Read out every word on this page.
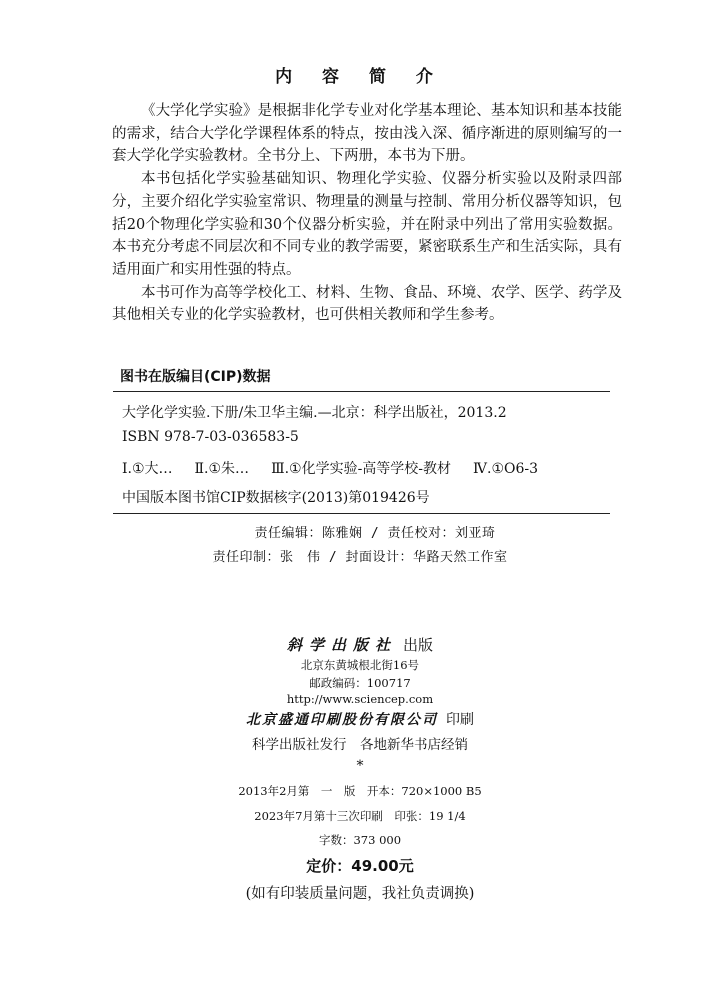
内 容 简 介

《大学化学实验》是根据非化学专业对化学基本理论、基本知识和基本技能的需求，结合大学化学课程体系的特点，按由浅入深、循序渐进的原则编写的一套大学化学实验教材。全书分上、下两册，本书为下册。

本书包括化学实验基础知识、物理化学实验、仪器分析实验以及附录四部分，主要介绍化学实验室常识、物理量的测量与控制、常用分析仪器等知识，包括20个物理化学实验和30个仪器分析实验，并在附录中列出了常用实验数据。本书充分考虑不同层次和不同专业的教学需要，紧密联系生产和生活实际，具有适用面广和实用性强的特点。

本书可作为高等学校化工、材料、生物、食品、环境、农学、医学、药学及其他相关专业的化学实验教材，也可供相关教师和学生参考。

图书在版编目(CIP)数据
大学化学实验.下册/朱卫华主编.—北京：科学出版社，2013.2
ISBN 978-7-03-036583-5
Ⅰ.①大… Ⅱ.①朱… Ⅲ.①化学实验-高等学校-教材 Ⅳ.①O6-3
中国版本图书馆CIP数据核字(2013)第019426号
责任编辑：陈雅娴 / 责任校对：刘亚琦
责任印制：张　伟 / 封面设计：华路天然工作室
斜学出版社 出版
北京东黄城根北街16号
邮政编码：100717
http://www.sciencep.com
北京盛通印刷股份有限公司 印刷
科学出版社发行　各地新华书店经销
*
2013年2月第　一　版　开本：720×1000 B5
2023年7月第十三次印刷　印张：19 1/4
字数：373 000
定价：49.00元
(如有印装质量问题，我社负责调换)
